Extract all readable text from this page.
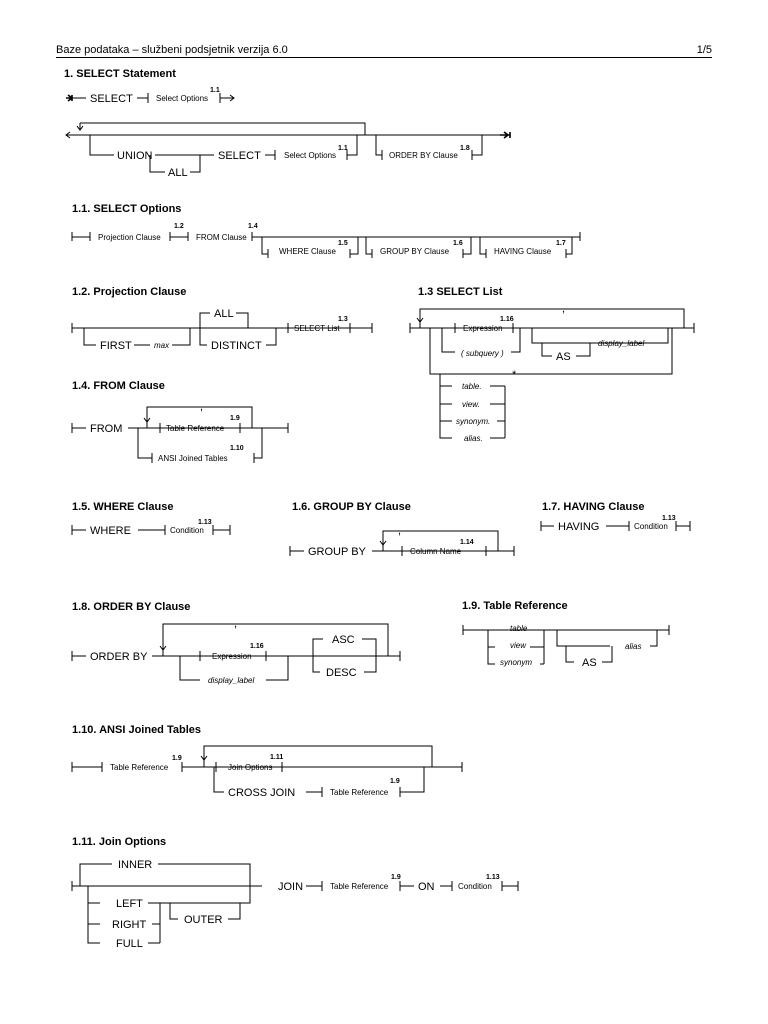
Baze podataka – službeni podsjetnik verzija 6.0	1/5
1. SELECT Statement
SELECT	Select Options
1.1
UNION
ALL
SELECT	Select Options
1.1
ORDER BY Clause
1.8
1.1. SELECT Options
Projection Clause
1.2
FROM Clause
1.4
WHERE Clause
1.5
GROUP BY Clause
1.6
HAVING Clause
1.7
1.2. Projection Clause
FIRST	max
ALL
DISTINCT
SELECT List
1.3
1.3 SELECT List
,
Expression
1.16
( subquery )	AS
display_label
*
table.
view.
synonym.
alias.
1.4. FROM Clause
FROM
,
Table Reference
1.9
ANSI Joined Tables
1.10
1.5. WHERE Clause
WHERE	Condition
1.13
1.6. GROUP BY Clause
GROUP BY
,
Column Name
1.14
1.7. HAVING Clause
HAVING	Condition
1.13
1.8. ORDER BY Clause
ORDER BY
,
Expression
1.16
display_label
ASC
DESC
1.9. Table Reference
table
view
synonym
alias
AS
1.10. ANSI Joined Tables
Table Reference
1.9
Join Options
1.11
CROSS JOIN	Table Reference
1.9
1.11. Join Options
INNER
LEFT
RIGHT
FULL
OUTER
JOIN	Table Reference
1.9
ON	Condition
1.13
